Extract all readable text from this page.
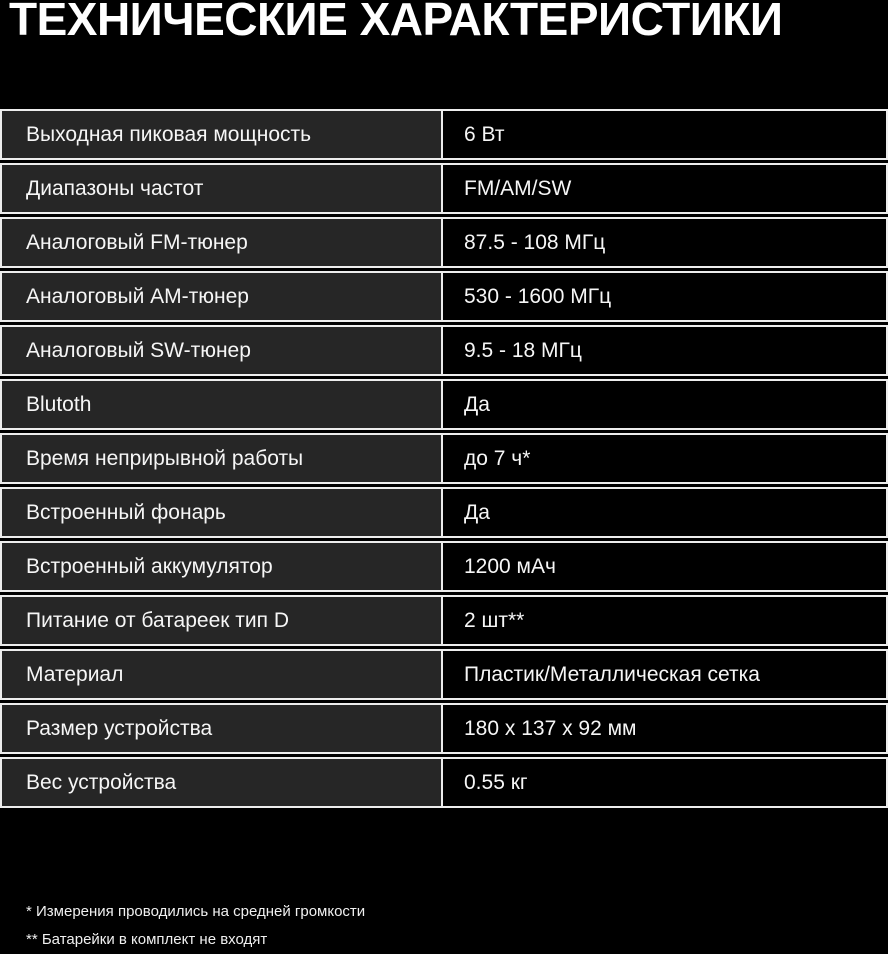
ТЕХНИЧЕСКИЕ ХАРАКТЕРИСТИКИ
Выходная пиковая мощность	6 Вт
Диапазоны частот	FM/AM/SW
Аналоговый FM-тюнер	87.5 - 108 МГц
Аналоговый AM-тюнер	530 - 1600 МГц
Аналоговый SW-тюнер	9.5 - 18 МГц
Blutoth	Да
Время неприрывной работы	до 7 ч*
Встроенный фонарь	Да
Встроенный аккумулятор	1200 мАч
Питание от батареек тип D	2 шт**
Материал	Пластик/Металлическая сетка
Размер устройства	180 x 137 x 92 мм
Вес устройства	0.55 кг

* Измерения проводились на средней громкости

** Батарейки в комплект не входят
